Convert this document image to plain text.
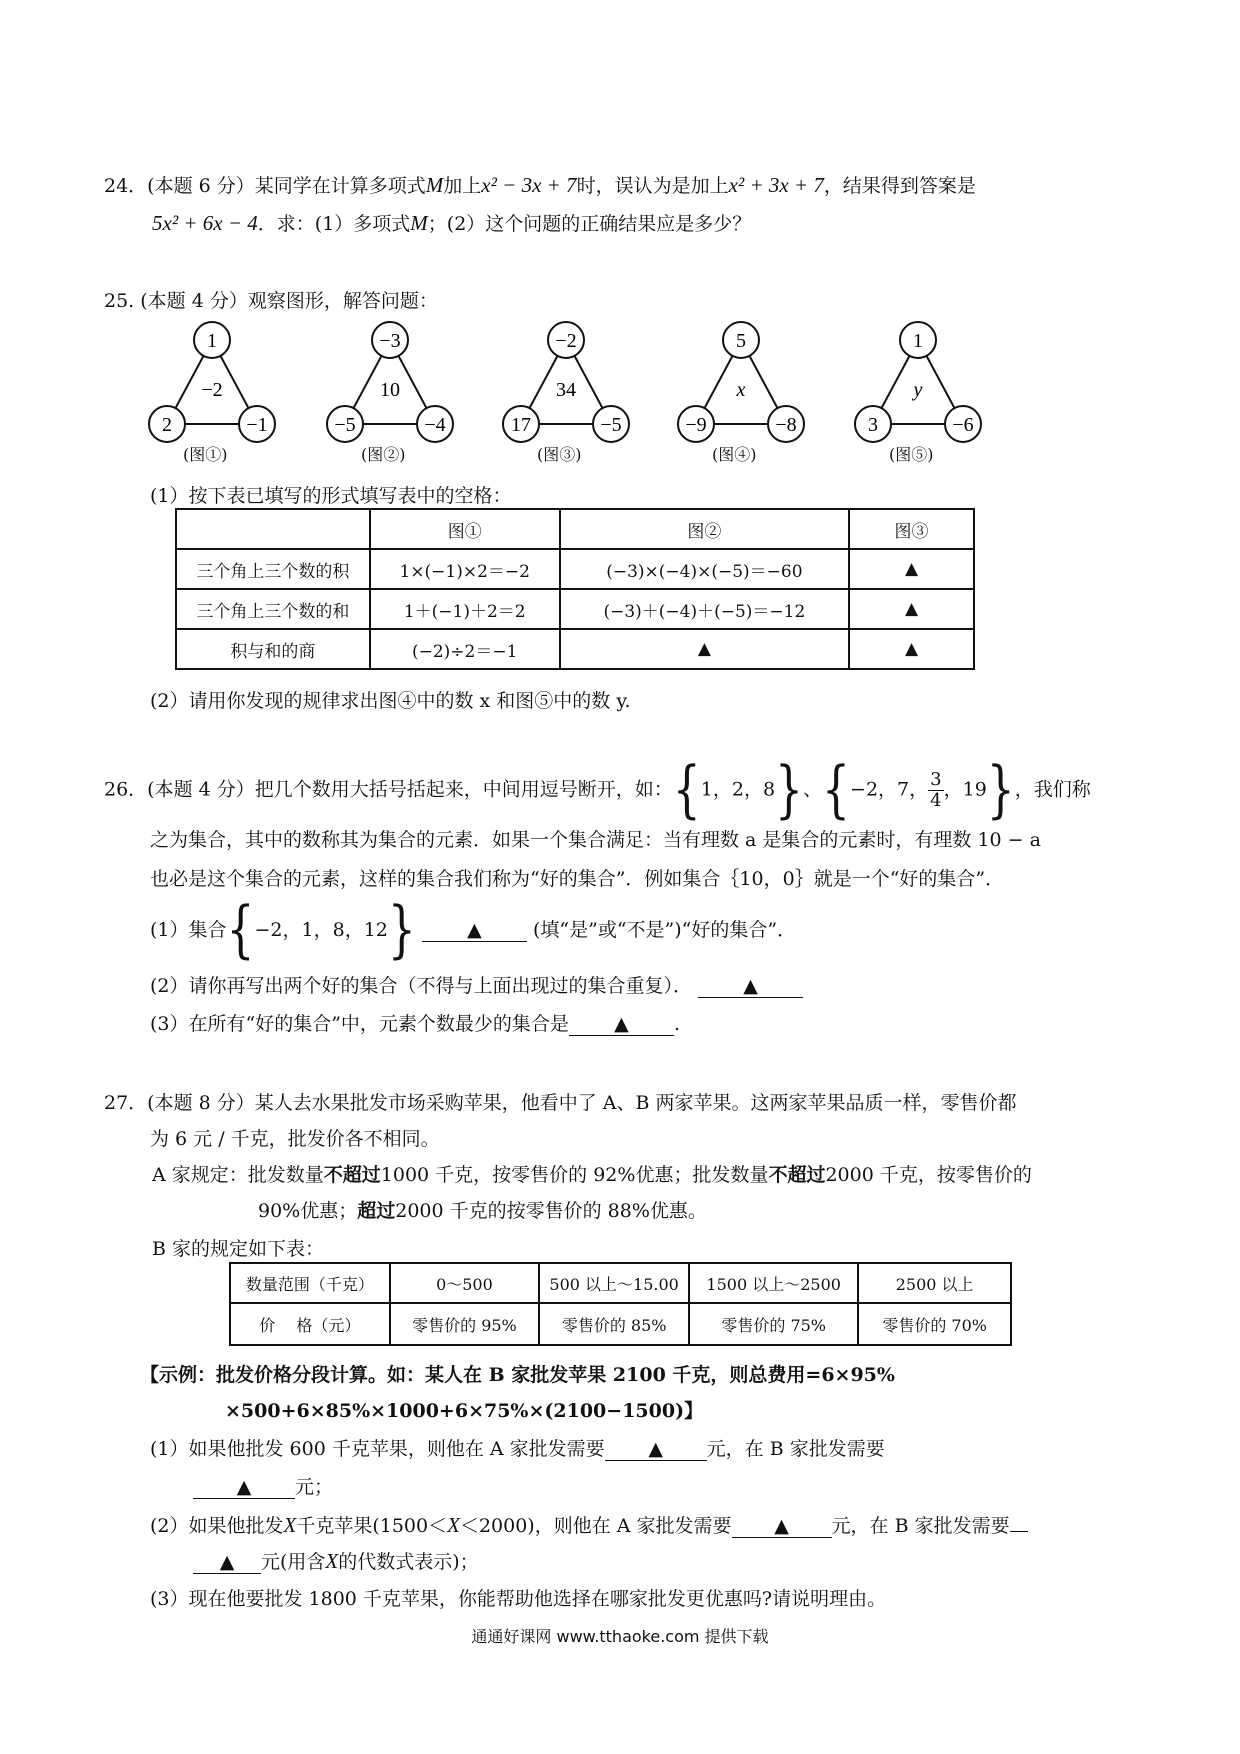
24．(本题 6 分）某同学在计算多项式M加上x² − 3x + 7时，误认为是加上x² + 3x + 7，结果得到答案是
5x² + 6x − 4．求：(1）多项式M；(2）这个问题的正确结果应是多少？
25. (本题 4 分）观察图形，解答问题：
1
2	−1
−2
(图①)
−3
−5	−4
10
(图②)
−2
17	−5
34
(图③)
5
−9	−8
x
(图④)
1
3	−6
y
(图⑤)
(1）按下表已填写的形式填写表中的空格：
	图①	图②	图③
三个角上三个数的积	1×(−1)×2＝−2	(−3)×(−4)×(−5)＝−60	▲
三个角上三个数的和	1＋(−1)＋2＝2	(−3)＋(−4)＋(−5)＝−12	▲
积与和的商	(−2)÷2＝−1	▲	▲
(2）请用你发现的规律求出图④中的数 x 和图⑤中的数 y.
26．(本题 4 分）把几个数用大括号括起来，中间用逗号断开，如：{1，2，8}、{−2，7， $\frac{3}{4}$ ，19}，我们称
之为集合，其中的数称其为集合的元素．如果一个集合满足：当有理数 a 是集合的元素时，有理数 10 − a
也必是这个集合的元素，这样的集合我们称为“好的集合”．例如集合｛10，0｝就是一个“好的集合”．
(1）集合{−2，1，8，12}	▲	(填“是”或“不是”)“好的集合”．
(2）请你再写出两个好的集合（不得与上面出现过的集合重复）．	▲
(3）在所有“好的集合”中，元素个数最少的集合是 ▲ .
27．(本题 8 分）某人去水果批发市场采购苹果，他看中了 A、B 两家苹果。这两家苹果品质一样，零售价都
为 6 元 / 千克，批发价各不相同。
A 家规定：批发数量不超过1000 千克，按零售价的 92%优惠；批发数量不超过2000 千克，按零售价的
90%优惠；超过2000 千克的按零售价的 88%优惠。
B 家的规定如下表：
数量范围（千克）	0～500	500 以上～15.00	1500 以上～2500	2500 以上
价　 格（元）	零售价的 95%	零售价的 85%	零售价的 75%	零售价的 70%
【示例：批发价格分段计算。如：某人在 B 家批发苹果 2100 千克，则总费用=6×95%
×500+6×85%×1000+6×75%×(2100−1500)】
(1）如果他批发 600 千克苹果，则他在 A 家批发需要 ▲ 元，在 B 家批发需要
▲ 元；
(2）如果他批发X千克苹果(1500＜X＜2000)，则他在 A 家批发需要 ▲ 元，在 B 家批发需要
▲ 元(用含X的代数式表示)；
(3）现在他要批发 1800 千克苹果，你能帮助他选择在哪家批发更优惠吗?请说明理由。
通通好课网 www.tthaoke.com 提供下载
